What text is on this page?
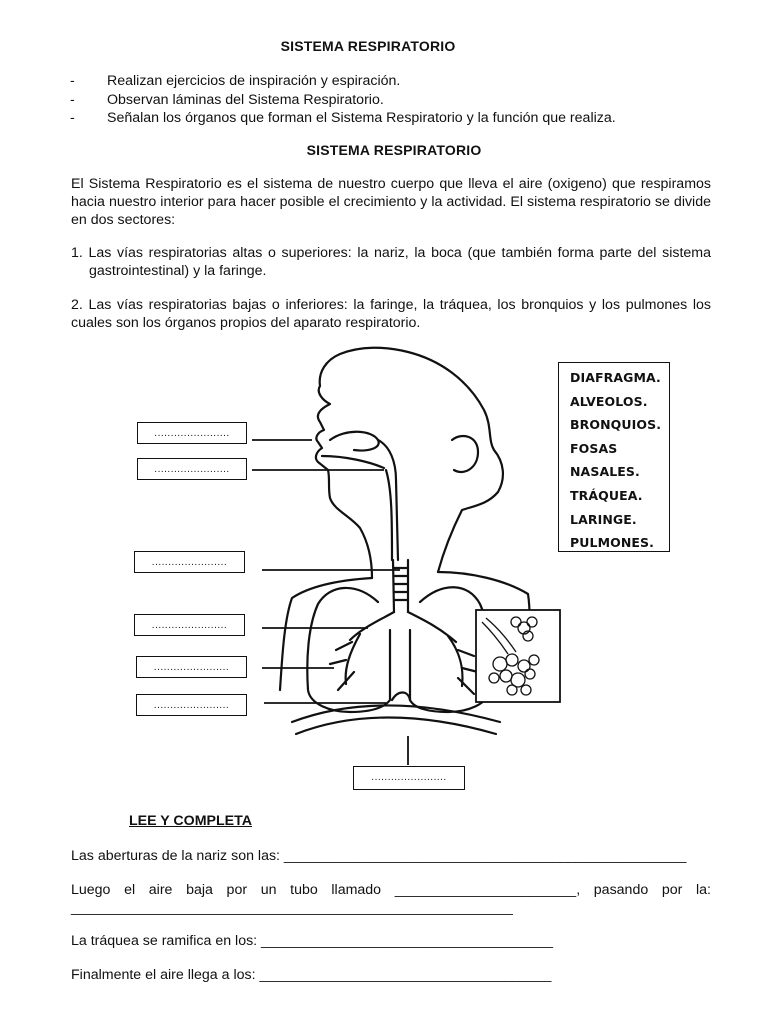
SISTEMA RESPIRATORIO
- Realizan ejercicios de inspiración y espiración.
- Observan láminas del Sistema Respiratorio.
- Señalan los órganos que forman el Sistema Respiratorio y la función que realiza.
SISTEMA RESPIRATORIO

El Sistema Respiratorio es el sistema de nuestro cuerpo que lleva el aire (oxigeno) que respiramos hacia nuestro interior para hacer posible el crecimiento y la actividad. El sistema respiratorio se divide en dos sectores:

1. Las vías respiratorias altas o superiores: la nariz, la boca (que también forma parte del sistema gastrointestinal) y la faringe.

2. Las vías respiratorias bajas o inferiores: la faringe, la tráquea, los bronquios y los pulmones los cuales son los órganos propios del aparato respiratorio.

DIAFRAGMA.
ALVEOLOS.
BRONQUIOS.
FOSAS
NASALES.
TRÁQUEA.
LARINGE.
PULMONES.
.......................
.......................
.......................
.......................
.......................
.......................
.......................
LEE Y COMPLETA
Las aberturas de la nariz son las: ___________________________________________________
Luego el aire baja por un tubo llamado _______________________, pasando por la: ________________________________________________________
La tráquea se ramifica en los: _____________________________________
Finalmente el aire llega a los: _____________________________________
